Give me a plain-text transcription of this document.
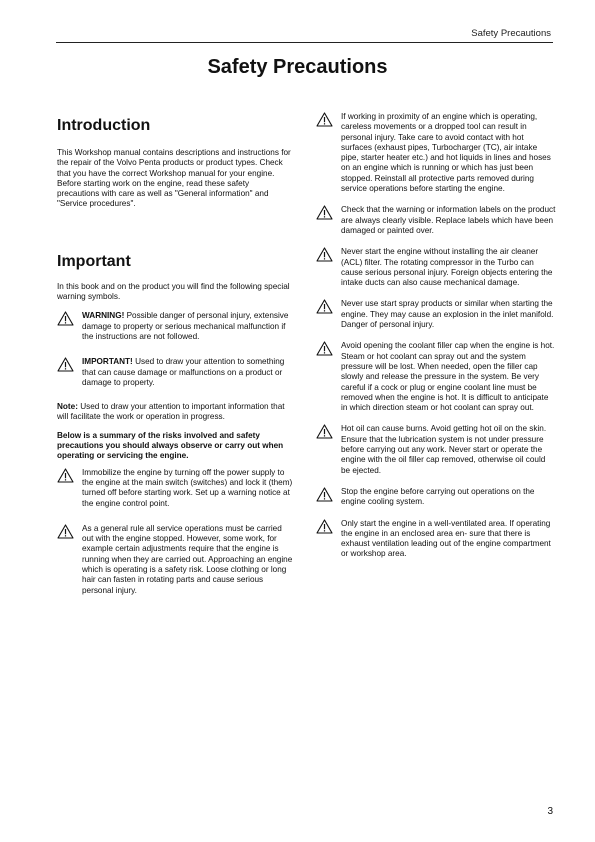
Safety Precautions
Safety Precautions
Introduction

This Workshop manual contains descriptions and instructions for the repair of the Volvo Penta products or product types. Check that you have the correct Workshop manual for your engine. Before starting work on the engine, read these safety precautions with care as well as "General information" and "Service procedures".

Important

In this book and on the product you will find the following special warning symbols.

WARNING! Possible danger of personal injury, extensive damage to property or serious mechanical malfunction if the instructions are not followed.
IMPORTANT! Used to draw your attention to something that can cause damage or malfunctions on a product or damage to property.

Note: Used to draw your attention to important information that will facilitate the work or operation in progress.

Below is a summary of the risks involved and safety precautions you should always observe or carry out when operating or servicing the engine.

Immobilize the engine by turning off the power supply to the engine at the main switch (switches) and lock it (them) turned off before starting work. Set up a warning notice at the engine control point.
As a general rule all service operations must be carried out with the engine stopped. However, some work, for example certain adjustments require that the engine is running when they are carried out. Approaching an engine which is operating is a safety risk. Loose clothing or long hair can fasten in rotating parts and cause serious personal injury.
If working in proximity of an engine which is operating, careless movements or a dropped tool can result in personal injury. Take care to avoid contact with hot surfaces (exhaust pipes, Turbocharger (TC), air intake pipe, starter heater etc.) and hot liquids in lines and hoses on an engine which is running or which has just been stopped. Reinstall all protective parts removed during service operations before starting the engine.
Check that the warning or information labels on the product are always clearly visible. Replace labels which have been damaged or painted over.
Never start the engine without installing the air cleaner (ACL) filter. The rotating compressor in the Turbo can cause serious personal injury. Foreign objects entering the intake ducts can also cause mechanical damage.
Never use start spray products or similar when starting the engine. They may cause an explosion in the inlet manifold. Danger of personal injury.
Avoid opening the coolant filler cap when the engine is hot. Steam or hot coolant can spray out and the system pressure will be lost. When needed, open the filler cap slowly and release the pressure in the system. Be very careful if a cock or plug or engine coolant line must be removed when the engine is hot. It is difficult to anticipate in which direction steam or hot coolant can spray out.
Hot oil can cause burns. Avoid getting hot oil on the skin. Ensure that the lubrication system is not under pressure before carrying out any work. Never start or operate the engine with the oil filler cap removed, otherwise oil could be ejected.
Stop the engine before carrying out operations on the engine cooling system.
Only start the engine in a well-ventilated area. If operating the engine in an enclosed area en- sure that there is exhaust ventilation leading out of the engine compartment or workshop area.
3
